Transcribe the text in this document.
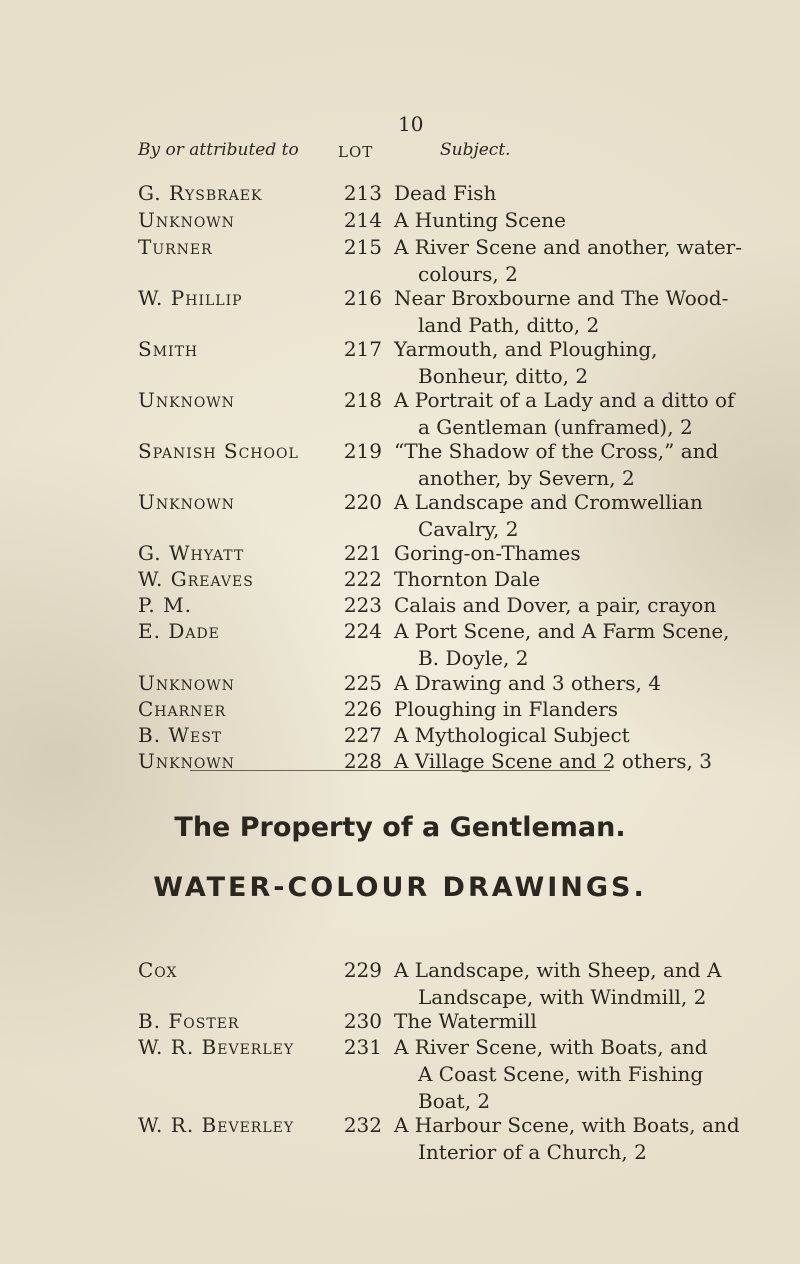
10
By or attributed to	LOT	Subject.
G. Rysbraek	213 Dead Fish
Unknown	214 A Hunting Scene
Turner	215 A River Scene and another, water-
colours, 2
W. Phillip	216 Near Broxbourne and The Wood-
land Path, ditto, 2
Smith	217 Yarmouth, and Ploughing,
Bonheur, ditto, 2
Unknown	218 A Portrait of a Lady and a ditto of
a Gentleman (unframed), 2
Spanish School	219 “The Shadow of the Cross,” and
another, by Severn, 2
Unknown	220 A Landscape and Cromwellian
Cavalry, 2
G. Whyatt	221 Goring-on-Thames
W. Greaves	222 Thornton Dale
P. M.	223 Calais and Dover, a pair, crayon
E. Dade	224 A Port Scene, and A Farm Scene,
B. Doyle, 2
Unknown	225 A Drawing and 3 others, 4
Charner	226 Ploughing in Flanders
B. West	227 A Mythological Subject
Unknown	228 A Village Scene and 2 others, 3
The Property of a Gentleman.
WATER-COLOUR DRAWINGS.
Cox	229 A Landscape, with Sheep, and A
Landscape, with Windmill, 2
B. Foster	230 The Watermill
W. R. Beverley	231 A River Scene, with Boats, and
A Coast Scene, with Fishing
Boat, 2
W. R. Beverley	232 A Harbour Scene, with Boats, and
Interior of a Church, 2
